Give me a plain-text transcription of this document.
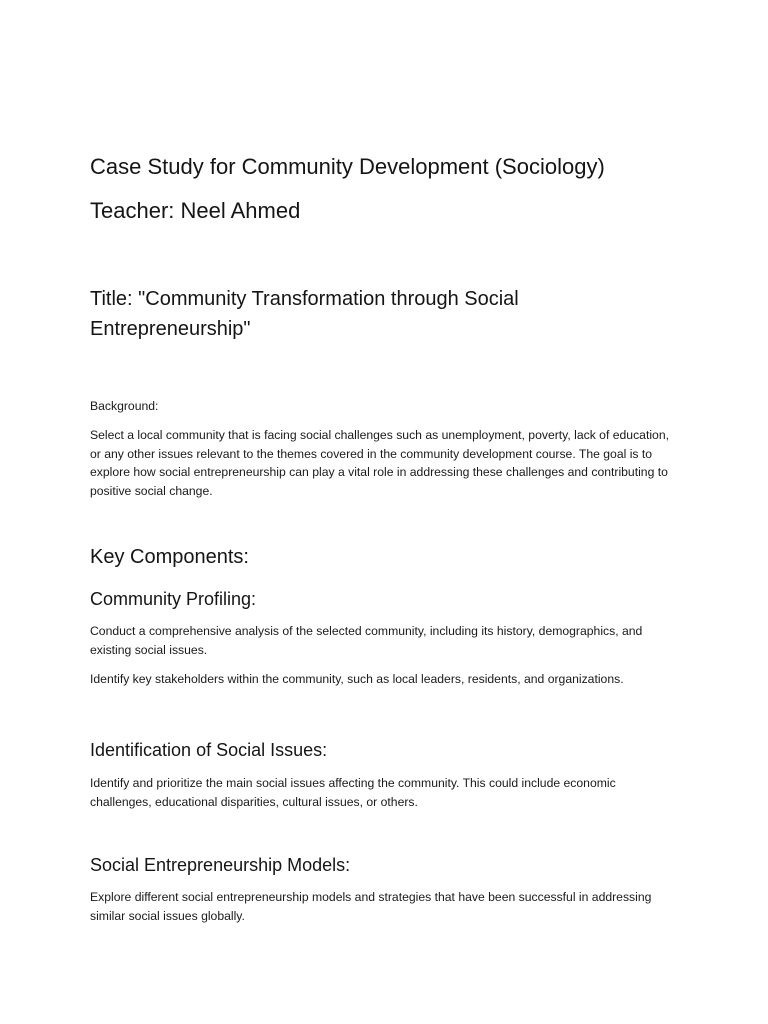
Case Study for Community Development (Sociology)
Teacher: Neel Ahmed
Title: "Community Transformation through Social Entrepreneurship"

Background:

Select a local community that is facing social challenges such as unemployment, poverty, lack of education, or any other issues relevant to the themes covered in the community development course. The goal is to explore how social entrepreneurship can play a vital role in addressing these challenges and contributing to positive social change.

Key Components:
Community Profiling:

Conduct a comprehensive analysis of the selected community, including its history, demographics, and existing social issues.

Identify key stakeholders within the community, such as local leaders, residents, and organizations.

Identification of Social Issues:

Identify and prioritize the main social issues affecting the community. This could include economic challenges, educational disparities, cultural issues, or others.

Social Entrepreneurship Models:

Explore different social entrepreneurship models and strategies that have been successful in addressing similar social issues globally.
